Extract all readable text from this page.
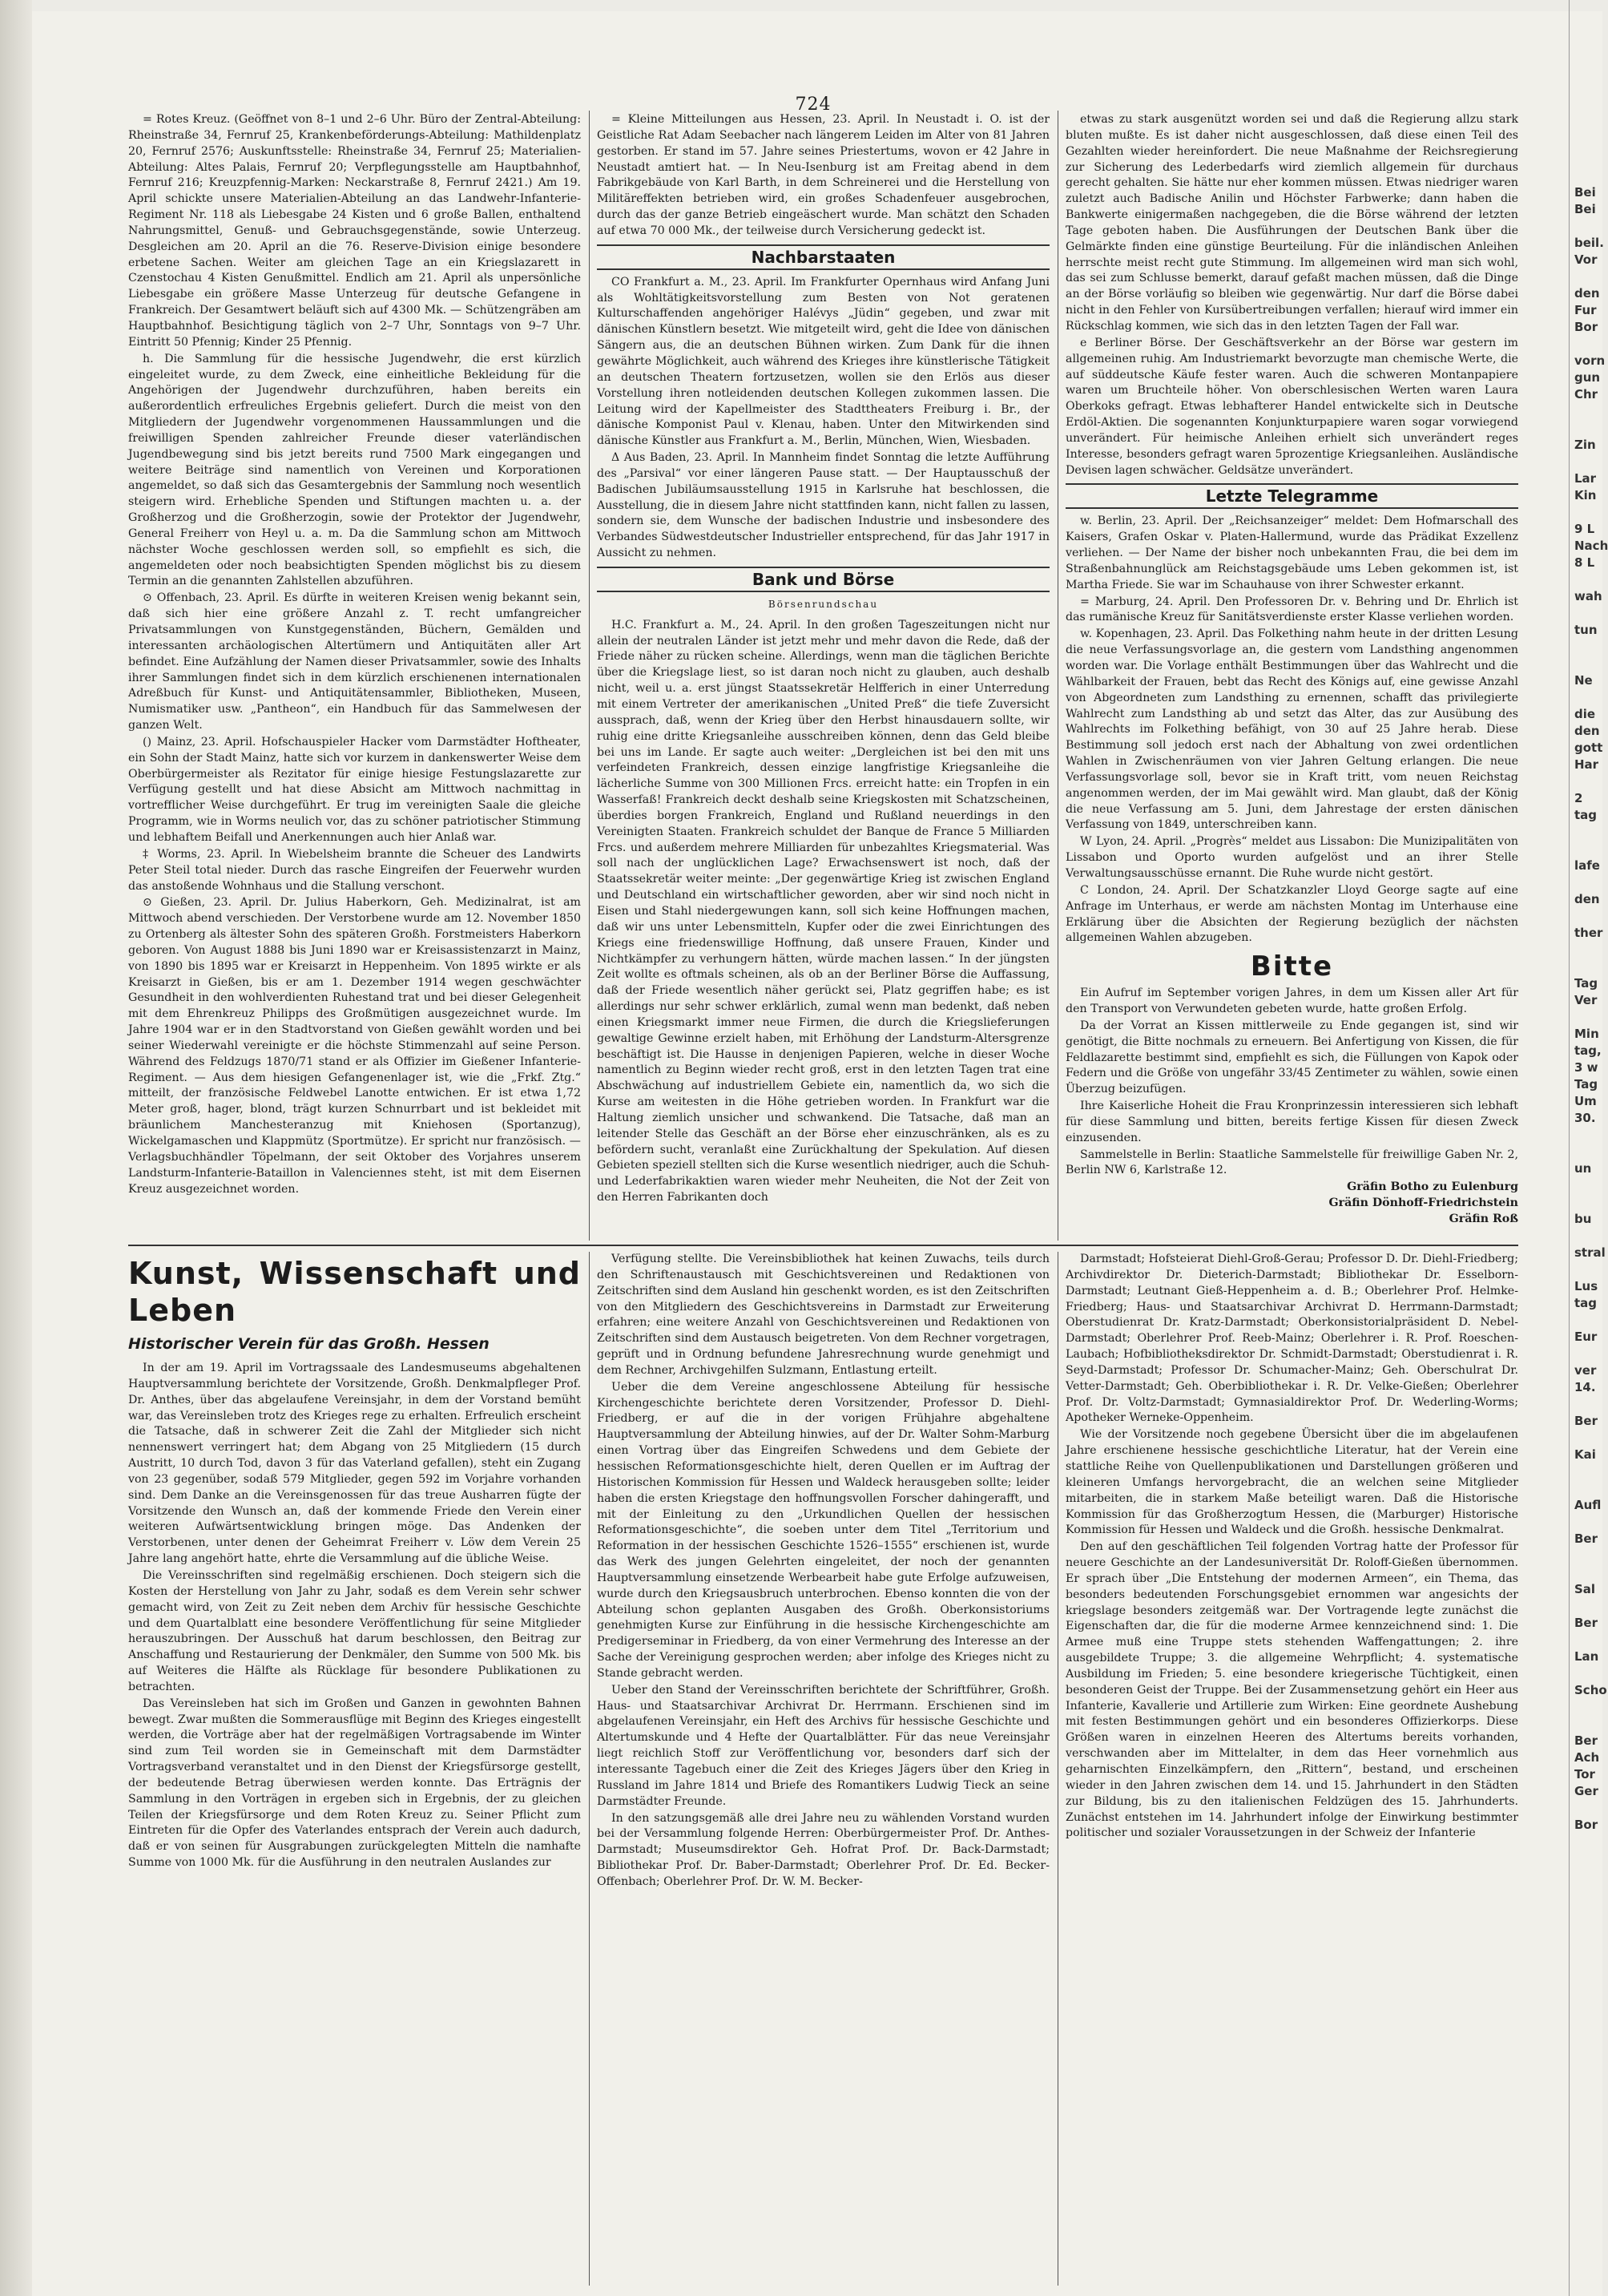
724

= Rotes Kreuz. (Geöffnet von 8–1 und 2–6 Uhr. Büro der Zentral-Abteilung: Rheinstraße 34, Fernruf 25, Krankenbeförderungs-Abteilung: Mathildenplatz 20, Fernruf 2576; Auskunftsstelle: Rheinstraße 34, Fernruf 25; Materialien-Abteilung: Altes Palais, Fernruf 20; Verpflegungsstelle am Hauptbahnhof, Fernruf 216; Kreuzpfennig-Marken: Neckarstraße 8, Fernruf 2421.) Am 19. April schickte unsere Materialien-Abteilung an das Landwehr-Infanterie-Regiment Nr. 118 als Liebesgabe 24 Kisten und 6 große Ballen, enthaltend Nahrungsmittel, Genuß- und Gebrauchsgegenstände, sowie Unterzeug. Desgleichen am 20. April an die 76. Reserve-Division einige besondere erbetene Sachen. Weiter am gleichen Tage an ein Kriegslazarett in Czenstochau 4 Kisten Genußmittel. Endlich am 21. April als unpersönliche Liebesgabe ein größere Masse Unterzeug für deutsche Gefangene in Frankreich. Der Gesamtwert beläuft sich auf 4300 Mk. — Schützengräben am Hauptbahnhof. Besichtigung täglich von 2–7 Uhr, Sonntags von 9–7 Uhr. Eintritt 50 Pfennig; Kinder 25 Pfennig.

h. Die Sammlung für die hessische Jugendwehr, die erst kürzlich eingeleitet wurde, zu dem Zweck, eine einheitliche Bekleidung für die Angehörigen der Jugendwehr durchzuführen, haben bereits ein außerordentlich erfreuliches Ergebnis geliefert. Durch die meist von den Mitgliedern der Jugendwehr vorgenommenen Haussammlungen und die freiwilligen Spenden zahlreicher Freunde dieser vaterländischen Jugendbewegung sind bis jetzt bereits rund 7500 Mark eingegangen und weitere Beiträge sind namentlich von Vereinen und Korporationen angemeldet, so daß sich das Gesamtergebnis der Sammlung noch wesentlich steigern wird. Erhebliche Spenden und Stiftungen machten u. a. der Großherzog und die Großherzogin, sowie der Protektor der Jugendwehr, General Freiherr von Heyl u. a. m. Da die Sammlung schon am Mittwoch nächster Woche geschlossen werden soll, so empfiehlt es sich, die angemeldeten oder noch beabsichtigten Spenden möglichst bis zu diesem Termin an die genannten Zahlstellen abzuführen.

⊙ Offenbach, 23. April. Es dürfte in weiteren Kreisen wenig bekannt sein, daß sich hier eine größere Anzahl z. T. recht umfangreicher Privatsammlungen von Kunstgegenständen, Büchern, Gemälden und interessanten archäologischen Altertümern und Antiquitäten aller Art befindet. Eine Aufzählung der Namen dieser Privatsammler, sowie des Inhalts ihrer Sammlungen findet sich in dem kürzlich erschienenen internationalen Adreßbuch für Kunst- und Antiquitätensammler, Bibliotheken, Museen, Numismatiker usw. „Pantheon“, ein Handbuch für das Sammelwesen der ganzen Welt.

() Mainz, 23. April. Hofschauspieler Hacker vom Darmstädter Hoftheater, ein Sohn der Stadt Mainz, hatte sich vor kurzem in dankenswerter Weise dem Oberbürgermeister als Rezitator für einige hiesige Festungslazarette zur Verfügung gestellt und hat diese Absicht am Mittwoch nachmittag in vortrefflicher Weise durchgeführt. Er trug im vereinigten Saale die gleiche Programm, wie in Worms neulich vor, das zu schöner patriotischer Stimmung und lebhaftem Beifall und Anerkennungen auch hier Anlaß war.

‡ Worms, 23. April. In Wiebelsheim brannte die Scheuer des Landwirts Peter Steil total nieder. Durch das rasche Eingreifen der Feuerwehr wurden das anstoßende Wohnhaus und die Stallung verschont.

⊙ Gießen, 23. April. Dr. Julius Haberkorn, Geh. Medizinalrat, ist am Mittwoch abend verschieden. Der Verstorbene wurde am 12. November 1850 zu Ortenberg als ältester Sohn des späteren Großh. Forstmeisters Haberkorn geboren. Von August 1888 bis Juni 1890 war er Kreisassistenzarzt in Mainz, von 1890 bis 1895 war er Kreisarzt in Heppenheim. Von 1895 wirkte er als Kreisarzt in Gießen, bis er am 1. Dezember 1914 wegen geschwächter Gesundheit in den wohlverdienten Ruhestand trat und bei dieser Gelegenheit mit dem Ehrenkreuz Philipps des Großmütigen ausgezeichnet wurde. Im Jahre 1904 war er in den Stadtvorstand von Gießen gewählt worden und bei seiner Wiederwahl vereinigte er die höchste Stimmenzahl auf seine Person. Während des Feldzugs 1870/71 stand er als Offizier im Gießener Infanterie-Regiment. — Aus dem hiesigen Gefangenenlager ist, wie die „Frkf. Ztg.“ mitteilt, der französische Feldwebel Lanotte entwichen. Er ist etwa 1,72 Meter groß, hager, blond, trägt kurzen Schnurrbart und ist bekleidet mit bräunlichem Manchesteranzug mit Kniehosen (Sportanzug), Wickelgamaschen und Klappmütz (Sportmütze). Er spricht nur französisch. — Verlagsbuchhändler Töpelmann, der seit Oktober des Vorjahres unserem Landsturm-Infanterie-Bataillon in Valenciennes steht, ist mit dem Eisernen Kreuz ausgezeichnet worden.

= Kleine Mitteilungen aus Hessen, 23. April. In Neustadt i. O. ist der Geistliche Rat Adam Seebacher nach längerem Leiden im Alter von 81 Jahren gestorben. Er stand im 57. Jahre seines Priestertums, wovon er 42 Jahre in Neustadt amtiert hat. — In Neu-Isenburg ist am Freitag abend in dem Fabrikgebäude von Karl Barth, in dem Schreinerei und die Herstellung von Militäreffekten betrieben wird, ein großes Schadenfeuer ausgebrochen, durch das der ganze Betrieb eingeäschert wurde. Man schätzt den Schaden auf etwa 70 000 Mk., der teilweise durch Versicherung gedeckt ist.

Nachbarstaaten

CO Frankfurt a. M., 23. April. Im Frankfurter Opernhaus wird Anfang Juni als Wohltätigkeitsvorstellung zum Besten von Not geratenen Kulturschaffenden angehöriger Halévys „Jüdin“ gegeben, und zwar mit dänischen Künstlern besetzt. Wie mitgeteilt wird, geht die Idee von dänischen Sängern aus, die an deutschen Bühnen wirken. Zum Dank für die ihnen gewährte Möglichkeit, auch während des Krieges ihre künstlerische Tätigkeit an deutschen Theatern fortzusetzen, wollen sie den Erlös aus dieser Vorstellung ihren notleidenden deutschen Kollegen zukommen lassen. Die Leitung wird der Kapellmeister des Stadttheaters Freiburg i. Br., der dänische Komponist Paul v. Klenau, haben. Unter den Mitwirkenden sind dänische Künstler aus Frankfurt a. M., Berlin, München, Wien, Wiesbaden.

Δ Aus Baden, 23. April. In Mannheim findet Sonntag die letzte Aufführung des „Parsival“ vor einer längeren Pause statt. — Der Hauptausschuß der Badischen Jubiläumsausstellung 1915 in Karlsruhe hat beschlossen, die Ausstellung, die in diesem Jahre nicht stattfinden kann, nicht fallen zu lassen, sondern sie, dem Wunsche der badischen Industrie und insbesondere des Verbandes Südwestdeutscher Industrieller entsprechend, für das Jahr 1917 in Aussicht zu nehmen.

Bank und Börse
Börsenrundschau

H.C. Frankfurt a. M., 24. April. In den großen Tageszeitungen nicht nur allein der neutralen Länder ist jetzt mehr und mehr davon die Rede, daß der Friede näher zu rücken scheine. Allerdings, wenn man die täglichen Berichte über die Kriegslage liest, so ist daran noch nicht zu glauben, auch deshalb nicht, weil u. a. erst jüngst Staatssekretär Helfferich in einer Unterredung mit einem Vertreter der amerikanischen „United Preß“ die tiefe Zuversicht aussprach, daß, wenn der Krieg über den Herbst hinausdauern sollte, wir ruhig eine dritte Kriegsanleihe ausschreiben können, denn das Geld bleibe bei uns im Lande. Er sagte auch weiter: „Dergleichen ist bei den mit uns verfeindeten Frankreich, dessen einzige langfristige Kriegsanleihe die lächerliche Summe von 300 Millionen Frcs. erreicht hatte: ein Tropfen in ein Wasserfaß! Frankreich deckt deshalb seine Kriegskosten mit Schatzscheinen, überdies borgen Frankreich, England und Rußland neuerdings in den Vereinigten Staaten. Frankreich schuldet der Banque de France 5 Milliarden Frcs. und außerdem mehrere Milliarden für unbezahltes Kriegsmaterial. Was soll nach der unglücklichen Lage? Erwachsenswert ist noch, daß der Staatssekretär weiter meinte: „Der gegenwärtige Krieg ist zwischen England und Deutschland ein wirtschaftlicher geworden, aber wir sind noch nicht in Eisen und Stahl niedergewungen kann, soll sich keine Hoffnungen machen, daß wir uns unter Lebensmitteln, Kupfer oder die zwei Einrichtungen des Kriegs eine friedenswillige Hoffnung, daß unsere Frauen, Kinder und Nichtkämpfer zu verhungern hätten, würde machen lassen.“ In der jüngsten Zeit wollte es oftmals scheinen, als ob an der Berliner Börse die Auffassung, daß der Friede wesentlich näher gerückt sei, Platz gegriffen habe; es ist allerdings nur sehr schwer erklärlich, zumal wenn man bedenkt, daß neben einen Kriegsmarkt immer neue Firmen, die durch die Kriegslieferungen gewaltige Gewinne erzielt haben, mit Erhöhung der Landsturm-Altersgrenze beschäftigt ist. Die Hausse in denjenigen Papieren, welche in dieser Woche namentlich zu Beginn wieder recht groß, erst in den letzten Tagen trat eine Abschwächung auf industriellem Gebiete ein, namentlich da, wo sich die Kurse am weitesten in die Höhe getrieben worden. In Frankfurt war die Haltung ziemlich unsicher und schwankend. Die Tatsache, daß man an leitender Stelle das Geschäft an der Börse eher einzuschränken, als es zu befördern sucht, veranlaßt eine Zurückhaltung der Spekulation. Auf diesen Gebieten speziell stellten sich die Kurse wesentlich niedriger, auch die Schuh- und Lederfabrikaktien waren wieder mehr Neuheiten, die Not der Zeit von den Herren Fabrikanten doch

etwas zu stark ausgenützt worden sei und daß die Regierung allzu stark bluten mußte. Es ist daher nicht ausgeschlossen, daß diese einen Teil des Gezahlten wieder hereinfordert. Die neue Maßnahme der Reichsregierung zur Sicherung des Lederbedarfs wird ziemlich allgemein für durchaus gerecht gehalten. Sie hätte nur eher kommen müssen. Etwas niedriger waren zuletzt auch Badische Anilin und Höchster Farbwerke; dann haben die Bankwerte einigermaßen nachgegeben, die die Börse während der letzten Tage geboten haben. Die Ausführungen der Deutschen Bank über die Gelmärkte finden eine günstige Beurteilung. Für die inländischen Anleihen herrschte meist recht gute Stimmung. Im allgemeinen wird man sich wohl, das sei zum Schlusse bemerkt, darauf gefaßt machen müssen, daß die Dinge an der Börse vorläufig so bleiben wie gegenwärtig. Nur darf die Börse dabei nicht in den Fehler von Kursübertreibungen verfallen; hierauf wird immer ein Rückschlag kommen, wie sich das in den letzten Tagen der Fall war.

e Berliner Börse. Der Geschäftsverkehr an der Börse war gestern im allgemeinen ruhig. Am Industriemarkt bevorzugte man chemische Werte, die auf süddeutsche Käufe fester waren. Auch die schweren Montanpapiere waren um Bruchteile höher. Von oberschlesischen Werten waren Laura Oberkoks gefragt. Etwas lebhafterer Handel entwickelte sich in Deutsche Erdöl-Aktien. Die sogenannten Konjunkturpapiere waren sogar vorwiegend unverändert. Für heimische Anleihen erhielt sich unverändert reges Interesse, besonders gefragt waren 5prozentige Kriegsanleihen. Ausländische Devisen lagen schwächer. Geldsätze unverändert.

Letzte Telegramme

w. Berlin, 23. April. Der „Reichsanzeiger“ meldet: Dem Hofmarschall des Kaisers, Grafen Oskar v. Platen-Hallermund, wurde das Prädikat Exzellenz verliehen. — Der Name der bisher noch unbekannten Frau, die bei dem im Straßenbahnunglück am Reichstagsgebäude ums Leben gekommen ist, ist Martha Friede. Sie war im Schauhause von ihrer Schwester erkannt.

= Marburg, 24. April. Den Professoren Dr. v. Behring und Dr. Ehrlich ist das rumänische Kreuz für Sanitätsverdienste erster Klasse verliehen worden.

w. Kopenhagen, 23. April. Das Folkething nahm heute in der dritten Lesung die neue Verfassungsvorlage an, die gestern vom Landsthing angenommen worden war. Die Vorlage enthält Bestimmungen über das Wahlrecht und die Wählbarkeit der Frauen, bebt das Recht des Königs auf, eine gewisse Anzahl von Abgeordneten zum Landsthing zu ernennen, schafft das privilegierte Wahlrecht zum Landsthing ab und setzt das Alter, das zur Ausübung des Wahlrechts im Folkething befähigt, von 30 auf 25 Jahre herab. Diese Bestimmung soll jedoch erst nach der Abhaltung von zwei ordentlichen Wahlen in Zwischenräumen von vier Jahren Geltung erlangen. Die neue Verfassungsvorlage soll, bevor sie in Kraft tritt, vom neuen Reichstag angenommen werden, der im Mai gewählt wird. Man glaubt, daß der König die neue Verfassung am 5. Juni, dem Jahrestage der ersten dänischen Verfassung von 1849, unterschreiben kann.

W Lyon, 24. April. „Progrès“ meldet aus Lissabon: Die Munizipalitäten von Lissabon und Oporto wurden aufgelöst und an ihrer Stelle Verwaltungsausschüsse ernannt. Die Ruhe wurde nicht gestört.

C London, 24. April. Der Schatzkanzler Lloyd George sagte auf eine Anfrage im Unterhaus, er werde am nächsten Montag im Unterhause eine Erklärung über die Absichten der Regierung bezüglich der nächsten allgemeinen Wahlen abzugeben.

Bitte

Ein Aufruf im September vorigen Jahres, in dem um Kissen aller Art für den Transport von Verwundeten gebeten wurde, hatte großen Erfolg.

Da der Vorrat an Kissen mittlerweile zu Ende gegangen ist, sind wir genötigt, die Bitte nochmals zu erneuern. Bei Anfertigung von Kissen, die für Feldlazarette bestimmt sind, empfiehlt es sich, die Füllungen von Kapok oder Federn und die Größe von ungefähr 33/45 Zentimeter zu wählen, sowie einen Überzug beizufügen.

Ihre Kaiserliche Hoheit die Frau Kronprinzessin interessieren sich lebhaft für diese Sammlung und bitten, bereits fertige Kissen für diesen Zweck einzusenden.

Sammelstelle in Berlin: Staatliche Sammelstelle für freiwillige Gaben Nr. 2, Berlin NW 6, Karlstraße 12.

Gräfin Botho zu Eulenburg
Gräfin Dönhoff-Friedrichstein
Gräfin Roß
Kunst, Wissenschaft und Leben
Historischer Verein für das Großh. Hessen

In der am 19. April im Vortragssaale des Landesmuseums abgehaltenen Hauptversammlung berichtete der Vorsitzende, Großh. Denkmalpfleger Prof. Dr. Anthes, über das abgelaufene Vereinsjahr, in dem der Vorstand bemüht war, das Vereinsleben trotz des Krieges rege zu erhalten. Erfreulich erscheint die Tatsache, daß in schwerer Zeit die Zahl der Mitglieder sich nicht nennenswert verringert hat; dem Abgang von 25 Mitgliedern (15 durch Austritt, 10 durch Tod, davon 3 für das Vaterland gefallen), steht ein Zugang von 23 gegenüber, sodaß 579 Mitglieder, gegen 592 im Vorjahre vorhanden sind. Dem Danke an die Vereinsgenossen für das treue Ausharren fügte der Vorsitzende den Wunsch an, daß der kommende Friede den Verein einer weiteren Aufwärtsentwicklung bringen möge. Das Andenken der Verstorbenen, unter denen der Geheimrat Freiherr v. Löw dem Verein 25 Jahre lang angehört hatte, ehrte die Versammlung auf die übliche Weise.

Die Vereinsschriften sind regelmäßig erschienen. Doch steigern sich die Kosten der Herstellung von Jahr zu Jahr, sodaß es dem Verein sehr schwer gemacht wird, von Zeit zu Zeit neben dem Archiv für hessische Geschichte und dem Quartalblatt eine besondere Veröffentlichung für seine Mitglieder herauszubringen. Der Ausschuß hat darum beschlossen, den Beitrag zur Anschaffung und Restaurierung der Denkmäler, den Summe von 500 Mk. bis auf Weiteres die Hälfte als Rücklage für besondere Publikationen zu betrachten.

Das Vereinsleben hat sich im Großen und Ganzen in gewohnten Bahnen bewegt. Zwar mußten die Sommerausflüge mit Beginn des Krieges eingestellt werden, die Vorträge aber hat der regelmäßigen Vortragsabende im Winter sind zum Teil worden sie in Gemeinschaft mit dem Darmstädter Vortragsverband veranstaltet und in den Dienst der Kriegsfürsorge gestellt, der bedeutende Betrag überwiesen werden konnte. Das Erträgnis der Sammlung in den Vorträgen in ergeben sich in Ergebnis, der zu gleichen Teilen der Kriegsfürsorge und dem Roten Kreuz zu. Seiner Pflicht zum Eintreten für die Opfer des Vaterlandes entsprach der Verein auch dadurch, daß er von seinen für Ausgrabungen zurückgelegten Mitteln die namhafte Summe von 1000 Mk. für die Ausführung in den neutralen Auslandes zur

Verfügung stellte. Die Vereinsbibliothek hat keinen Zuwachs, teils durch den Schriftenaustausch mit Geschichtsvereinen und Redaktionen von Zeitschriften sind dem Ausland hin geschenkt worden, es ist den Zeitschriften von den Mitgliedern des Geschichtsvereins in Darmstadt zur Erweiterung erfahren; eine weitere Anzahl von Geschichtsvereinen und Redaktionen von Zeitschriften sind dem Austausch beigetreten. Von dem Rechner vorgetragen, geprüft und in Ordnung befundene Jahresrechnung wurde genehmigt und dem Rechner, Archivgehilfen Sulzmann, Entlastung erteilt.

Ueber die dem Vereine angeschlossene Abteilung für hessische Kirchengeschichte berichtete deren Vorsitzender, Professor D. Diehl-Friedberg, er auf die in der vorigen Frühjahre abgehaltene Hauptversammlung der Abteilung hinwies, auf der Dr. Walter Sohm-Marburg einen Vortrag über das Eingreifen Schwedens und dem Gebiete der hessischen Reformationsgeschichte hielt, deren Quellen er im Auftrag der Historischen Kommission für Hessen und Waldeck herausgeben sollte; leider haben die ersten Kriegstage den hoffnungsvollen Forscher dahingerafft, und mit der Einleitung zu den „Urkundlichen Quellen der hessischen Reformationsgeschichte“, die soeben unter dem Titel „Territorium und Reformation in der hessischen Geschichte 1526–1555“ erschienen ist, wurde das Werk des jungen Gelehrten eingeleitet, der noch der genannten Hauptversammlung einsetzende Werbearbeit habe gute Erfolge aufzuweisen, wurde durch den Kriegsausbruch unterbrochen. Ebenso konnten die von der Abteilung schon geplanten Ausgaben des Großh. Oberkonsistoriums genehmigten Kurse zur Einführung in die hessische Kirchengeschichte am Predigerseminar in Friedberg, da von einer Vermehrung des Interesse an der Sache der Vereinigung gesprochen werden; aber infolge des Krieges nicht zu Stande gebracht werden.

Ueber den Stand der Vereinsschriften berichtete der Schriftführer, Großh. Haus- und Staatsarchivar Archivrat Dr. Herrmann. Erschienen sind im abgelaufenen Vereinsjahr, ein Heft des Archivs für hessische Geschichte und Altertumskunde und 4 Hefte der Quartalblätter. Für das neue Vereinsjahr liegt reichlich Stoff zur Veröffentlichung vor, besonders darf sich der interessante Tagebuch einer die Zeit des Krieges Jägers über den Krieg in Russland im Jahre 1814 und Briefe des Romantikers Ludwig Tieck an seine Darmstädter Freunde.

In den satzungsgemäß alle drei Jahre neu zu wählenden Vorstand wurden bei der Versammlung folgende Herren: Oberbürgermeister Prof. Dr. Anthes-Darmstadt; Museumsdirektor Geh. Hofrat Prof. Dr. Back-Darmstadt; Bibliothekar Prof. Dr. Baber-Darmstadt; Oberlehrer Prof. Dr. Ed. Becker-Offenbach; Oberlehrer Prof. Dr. W. M. Becker-

Darmstadt; Hofsteierat Diehl-Groß-Gerau; Professor D. Dr. Diehl-Friedberg; Archivdirektor Dr. Dieterich-Darmstadt; Bibliothekar Dr. Esselborn-Darmstadt; Leutnant Gieß-Heppenheim a. d. B.; Oberlehrer Prof. Helmke-Friedberg; Haus- und Staatsarchivar Archivrat D. Herrmann-Darmstadt; Oberstudienrat Dr. Kratz-Darmstadt; Oberkonsistorialpräsident D. Nebel-Darmstadt; Oberlehrer Prof. Reeb-Mainz; Oberlehrer i. R. Prof. Roeschen-Laubach; Hofbibliotheksdirektor Dr. Schmidt-Darmstadt; Oberstudienrat i. R. Seyd-Darmstadt; Professor Dr. Schumacher-Mainz; Geh. Oberschulrat Dr. Vetter-Darmstadt; Geh. Oberbibliothekar i. R. Dr. Velke-Gießen; Oberlehrer Prof. Dr. Voltz-Darmstadt; Gymnasialdirektor Prof. Dr. Wederling-Worms; Apotheker Werneke-Oppenheim.

Wie der Vorsitzende noch gegebene Übersicht über die im abgelaufenen Jahre erschienene hessische geschichtliche Literatur, hat der Verein eine stattliche Reihe von Quellenpublikationen und Darstellungen größeren und kleineren Umfangs hervorgebracht, die an welchen seine Mitglieder mitarbeiten, die in starkem Maße beteiligt waren. Daß die Historische Kommission für das Großherzogtum Hessen, die (Marburger) Historische Kommission für Hessen und Waldeck und die Großh. hessische Denkmalrat.

Den auf den geschäftlichen Teil folgenden Vortrag hatte der Professor für neuere Geschichte an der Landesuniversität Dr. Roloff-Gießen übernommen. Er sprach über „Die Entstehung der modernen Armeen“, ein Thema, das besonders bedeutenden Forschungsgebiet ernommen war angesichts der kriegslage besonders zeitgemäß war. Der Vortragende legte zunächst die Eigenschaften dar, die für die moderne Armee kennzeichnend sind: 1. Die Armee muß eine Truppe stets stehenden Waffengattungen; 2. ihre ausgebildete Truppe; 3. die allgemeine Wehrpflicht; 4. systematische Ausbildung im Frieden; 5. eine besondere kriegerische Tüchtigkeit, einen besonderen Geist der Truppe. Bei der Zusammensetzung gehört ein Heer aus Infanterie, Kavallerie und Artillerie zum Wirken: Eine geordnete Aushebung mit festen Bestimmungen gehört und ein besonderes Offizierkorps. Diese Größen waren in einzelnen Heeren des Altertums bereits vorhanden, verschwanden aber im Mittelalter, in dem das Heer vornehmlich aus geharnischten Einzelkämpfern, den „Rittern“, bestand, und erscheinen wieder in den Jahren zwischen dem 14. und 15. Jahrhundert in den Städten zur Bildung, bis zu den italienischen Feldzügen des 15. Jahrhunderts. Zunächst entstehen im 14. Jahrhundert infolge der Einwirkung bestimmter politischer und sozialer Voraussetzungen in der Schweiz der Infanterie

Bei
Bei
beil.
Vor
den
Fur
Bor
vorn
gun
Chr
Zin
Lar
Kin
9 L
Nach
8 L
wah
tun
Ne
die
den
gott
Har
2
tag
lafe
den
ther
Tag
Ver
Min
tag,
3 w
Tag
Um
30.
un
bu
stral
Lus
tag
Eur
ver
14.
Ber
Kai
Aufl
Ber
Sal
Ber
Lan
Scho
Ber
Ach
Tor
Ger
Bor
